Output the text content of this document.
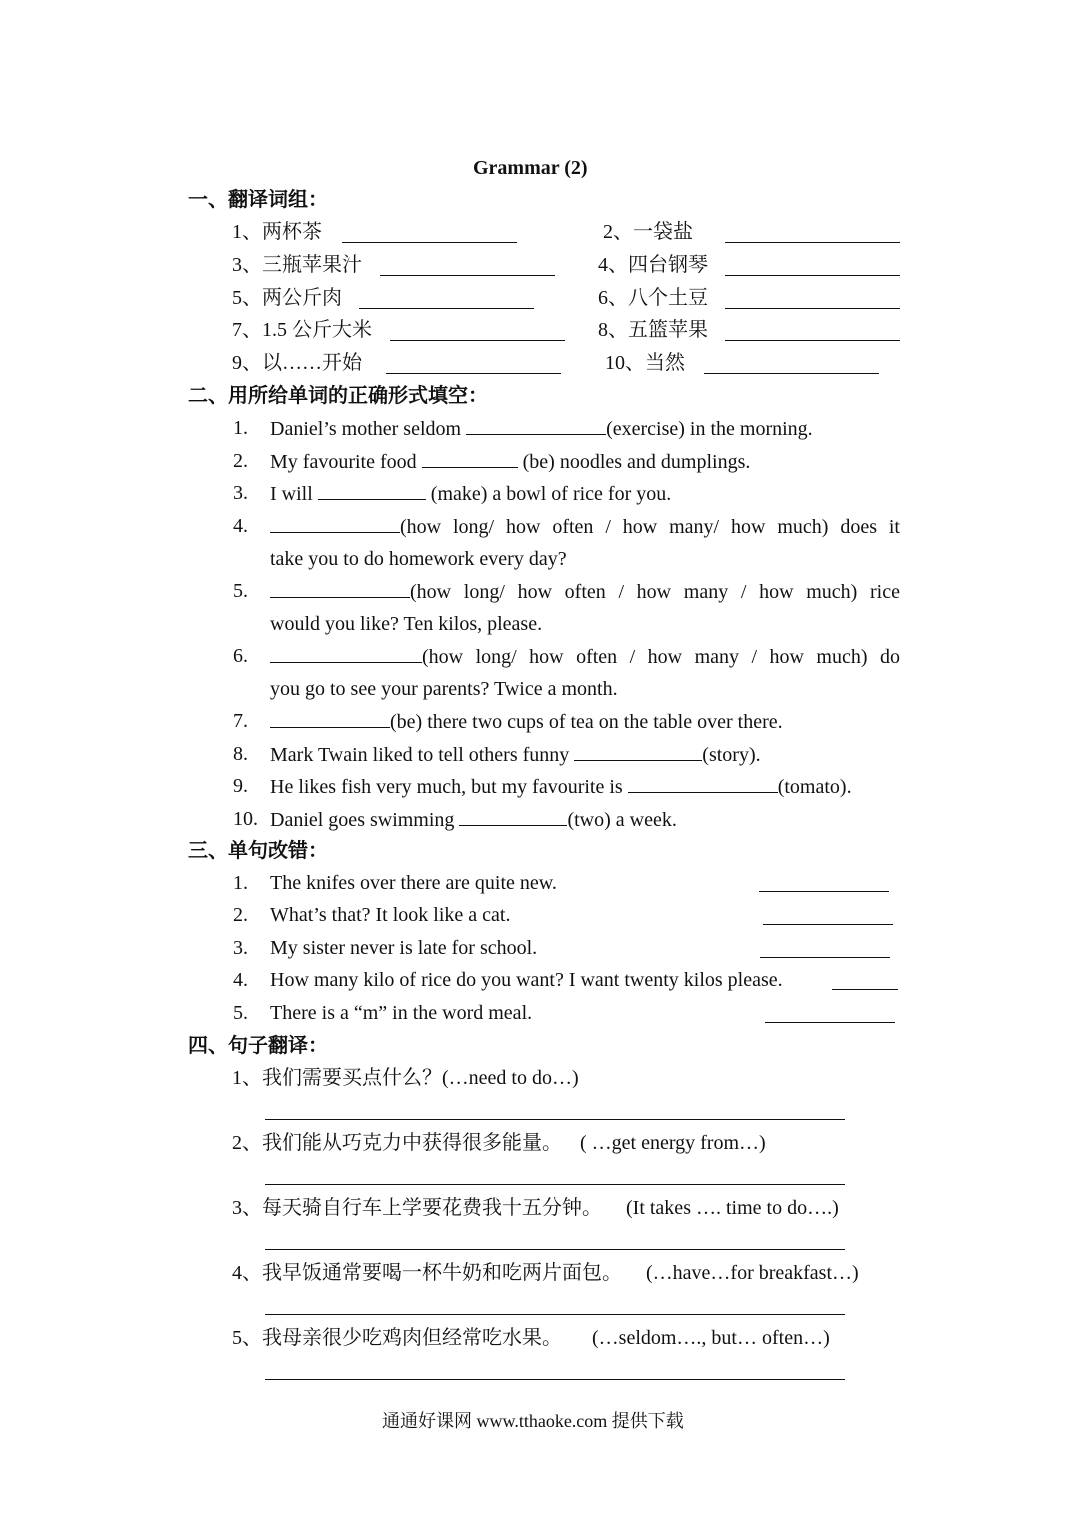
Grammar (2)
一、翻译词组：
1、两杯茶	2、一袋盐
3、三瓶苹果汁	4、四台钢琴
5、两公斤肉	6、八个土豆
7、1.5 公斤大米	8、五篮苹果
9、以……开始	10、当然
二、用所给单词的正确形式填空：
1. Daniel’s mother seldom	(exercise) in the morning.
2. My favourite food	(be) noodles and dumplings.
3. I will	(make) a bowl of rice for you.
4.	(how long/ how often / how many/ how much) does it
take you to do homework every day?
5.	(how long/ how often / how many / how much) rice
would you like? Ten kilos, please.
6.	(how long/ how often / how many / how much) do
you go to see your parents? Twice a month.
7.	(be) there two cups of tea on the table over there.
8. Mark Twain liked to tell others funny	(story).
9. He likes fish very much, but my favourite is	(tomato).
10. Daniel goes swimming	(two) a week.
三、单句改错：
1. The knifes over there are quite new.
2. What’s that? It look like a cat.
3. My sister never is late for school.
4. How many kilo of rice do you want? I want twenty kilos please.
5. There is a “m” in the word meal.
四、句子翻译：
1、我们需要买点什么？(…need to do…)
2、我们能从巧克力中获得很多能量。 ( …get energy from…)
3、每天骑自行车上学要花费我十五分钟。 (It takes …. time to do….)
4、我早饭通常要喝一杯牛奶和吃两片面包。 (…have…for breakfast…)
5、我母亲很少吃鸡肉但经常吃水果。 (…seldom…., but… often…)
通通好课网 www.tthaoke.com 提供下载
